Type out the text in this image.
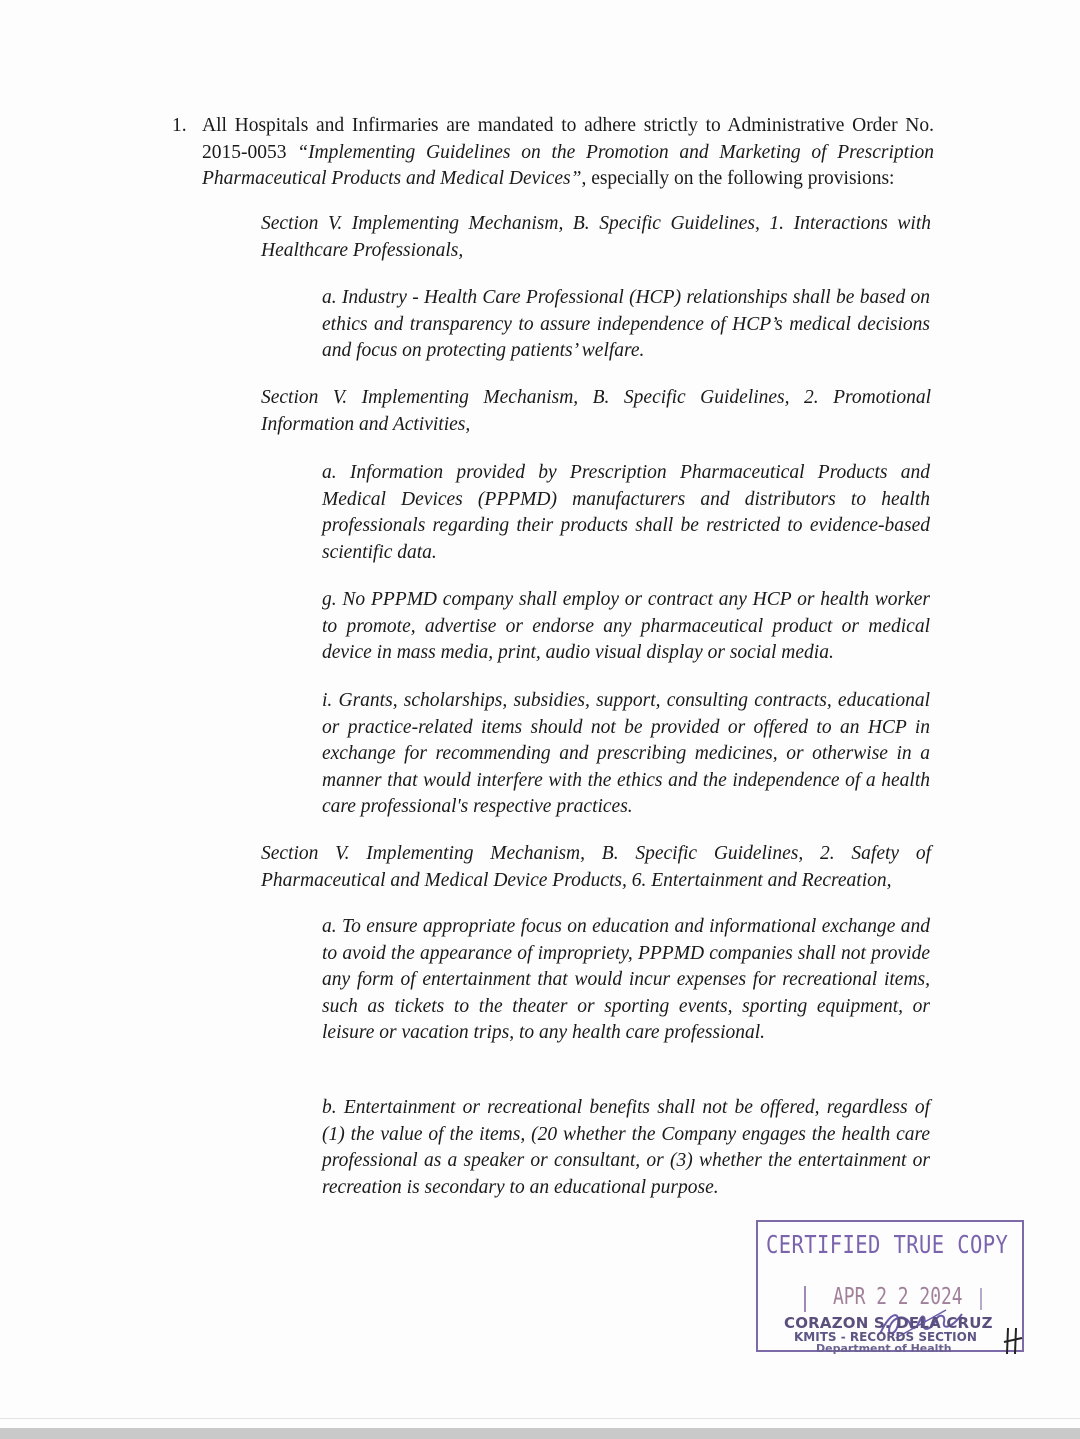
1. All Hospitals and Infirmaries are mandated to adhere strictly to Administrative Order No. 2015-0053 “Implementing Guidelines on the Promotion and Marketing of Prescription Pharmaceutical Products and Medical Devices”, especially on the following provisions:
Section V. Implementing Mechanism, B. Specific Guidelines, 1. Interactions with Healthcare Professionals,
a. Industry - Health Care Professional (HCP) relationships shall be based on ethics and transparency to assure independence of HCP’s medical decisions and focus on protecting patients’ welfare.
Section V. Implementing Mechanism, B. Specific Guidelines, 2. Promotional Information and Activities,
a. Information provided by Prescription Pharmaceutical Products and Medical Devices (PPPMD) manufacturers and distributors to health professionals regarding their products shall be restricted to evidence-based scientific data.
g. No PPPMD company shall employ or contract any HCP or health worker to promote, advertise or endorse any pharmaceutical product or medical device in mass media, print, audio visual display or social media.
i. Grants, scholarships, subsidies, support, consulting contracts, educational or practice-related items should not be provided or offered to an HCP in exchange for recommending and prescribing medicines, or otherwise in a manner that would interfere with the ethics and the independence of a health care professional's respective practices.
Section V. Implementing Mechanism, B. Specific Guidelines, 2. Safety of Pharmaceutical and Medical Device Products, 6. Entertainment and Recreation,
a. To ensure appropriate focus on education and informational exchange and to avoid the appearance of impropriety, PPPMD companies shall not provide any form of entertainment that would incur expenses for recreational items, such as tickets to the theater or sporting events, sporting equipment, or leisure or vacation trips, to any health care professional.
b. Entertainment or recreational benefits shall not be offered, regardless of (1) the value of the items, (20 whether the Company engages the health care professional as a speaker or consultant, or (3) whether the entertainment or recreation is secondary to an educational purpose.
CERTIFIED TRUE COPY
APR 2 2 2024
CORAZON S. DELA CRUZ
KMITS - RECORDS SECTION
Department of Health
